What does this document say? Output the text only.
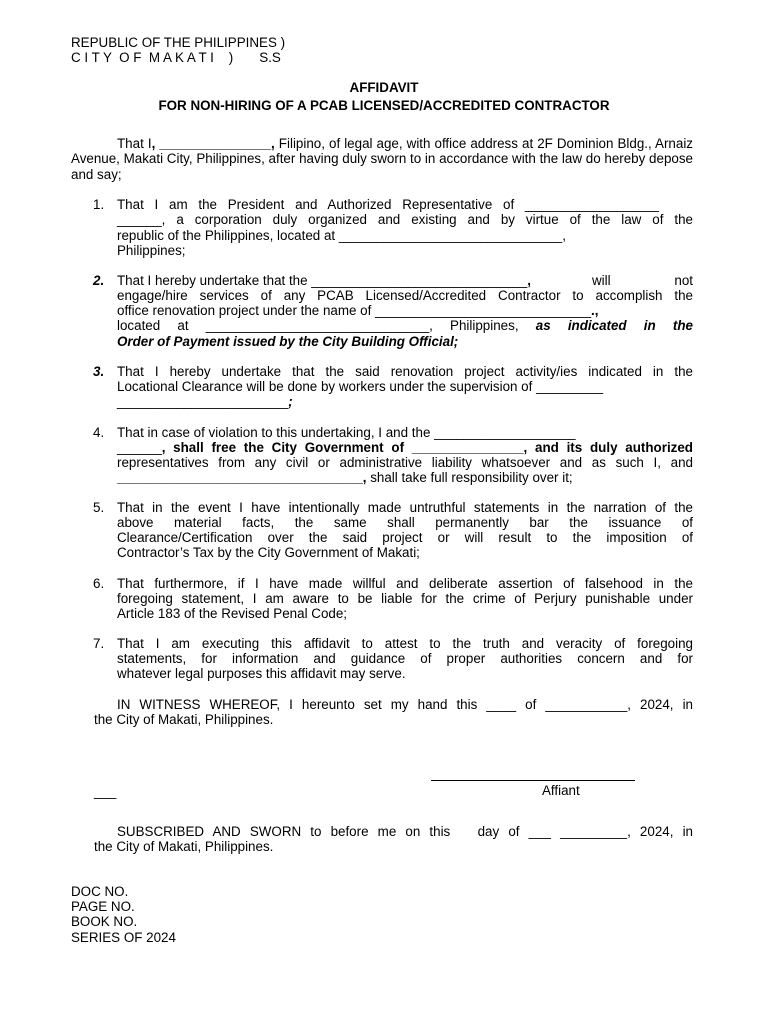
REPUBLIC OF THE PHILIPPINES )
C I T Y  O F  M A K A T I    )       S.S
AFFIDAVIT
FOR NON-HIRING OF A PCAB LICENSED/ACCREDITED CONTRACTOR
That I, _______________, Filipino, of legal age, with office address at 2F Dominion Bldg., Arnaiz Avenue, Makati City, Philippines, after having duly sworn to in accordance with the law do hereby depose and say;
1. That I am the President and Authorized Representative of __________________
______, a corporation duly organized and existing and by virtue of the law of the
republic of the Philippines, located at ______________________________,
Philippines;
2. That I hereby undertake that the _____________________________,	will not
engage/hire services of any PCAB Licensed/Accredited Contractor to accomplish the
office renovation project under the name of _____________________________.,
located at ______________________________, Philippines, as indicated in the
Order of Payment issued by the City Building Official;
3. That I hereby undertake that the said renovation project activity/ies indicated in the
Locational Clearance will be done by workers under the supervision of _________
_______________________;
4. That in case of violation to this undertaking, I and the ___________________
______, shall free the City Government of _______________, and its duly authorized
representatives from any civil or administrative liability whatsoever and as such I, and
_________________________________, shall take full responsibility over it;
5. That in the event I have intentionally made untruthful statements in the narration of the
above material facts, the same shall permanently bar the issuance of
Clearance/Certification over the said project or will result to the imposition of
Contractor’s Tax by the City Government of Makati;
6. That furthermore, if I have made willful and deliberate assertion of falsehood in the
foregoing statement, I am aware to be liable for the crime of Perjury punishable under
Article 183 of the Revised Penal Code;
7. That I am executing this affidavit to attest to the truth and veracity of foregoing
statements, for information and guidance of proper authorities concern and for
whatever legal purposes this affidavit may serve.
IN WITNESS WHEREOF, I hereunto set my hand this ____ of ___________, 2024, in
the City of Makati, Philippines.
___	Affiant
SUBSCRIBED AND SWORN to before me on this   day of ___ _________, 2024, in
the City of Makati, Philippines.
DOC NO.
PAGE NO.
BOOK NO.
SERIES OF 2024
